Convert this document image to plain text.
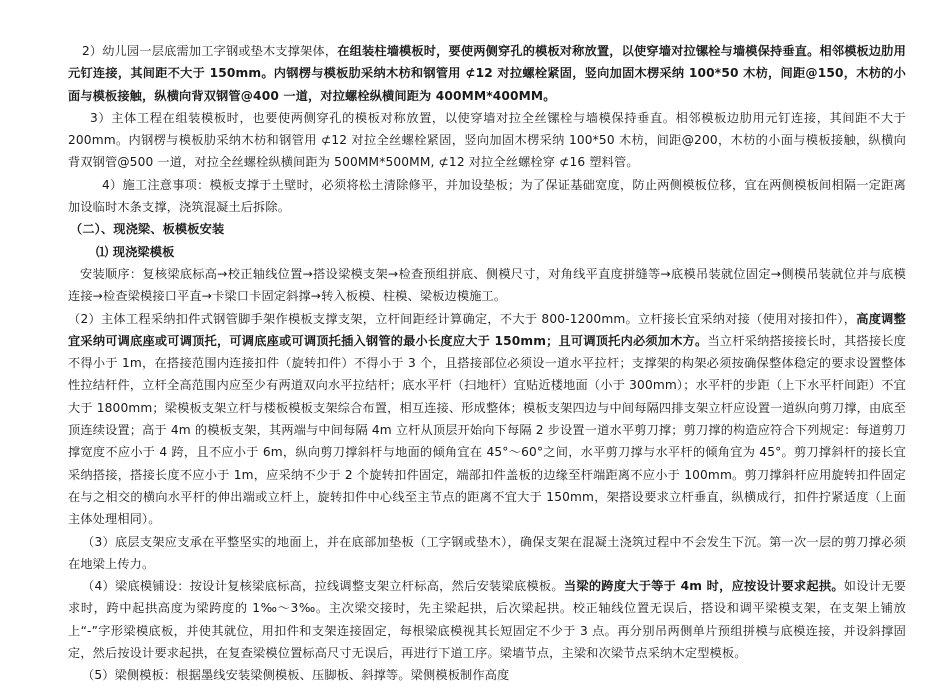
2）幼儿园一层底需加工字钢或垫木支撑架体，在组装柱墙模板时，要使两侧穿孔的模板对称放置，以使穿墙对拉镙栓与墙模保持垂直。相邻模板边肋用元钉连接，其间距不大于 150mm。内钢楞与模板肋采纳木枋和钢管用 ⊄12 对拉螺栓紧固，竖向加固木楞采纳 100*50 木枋，间距@150，木枋的小面与模板接触，纵横向背双钢管@400 一道，对拉螺栓纵横间距为 400MM*400MM。

3）主体工程在组装模板时，也要使两侧穿孔的模板对称放置，以使穿墙对拉全丝镙栓与墙模保持垂直。相邻模板边肋用元钉连接，其间距不大于 200mm。内钢楞与模板肋采纳木枋和钢管用 ⊄12 对拉全丝螺栓紧固，竖向加固木楞采纳 100*50 木枋，间距@200，木枋的小面与模板接触，纵横向背双钢管@500 一道，对拉全丝螺栓纵横间距为 500MM*500MM, ⊄12 对拉全丝螺栓穿 ⊄16 塑料管。

4）施工注意事项：模板支撑于土壁时，必须将松土清除修平，并加设垫板；为了保证基础宽度，防止两侧模板位移，宜在两侧模板间相隔一定距离加设临时木条支撑，浇筑混凝土后拆除。

（二）、现浇梁、板模板安装

⑴ 现浇梁模板

安装顺序：复核梁底标高→校正轴线位置→搭设梁模支架→检查预组拼底、侧模尺寸，对角线平直度拼缝等→底模吊装就位固定→侧模吊装就位并与底模连接→检查梁模接口平直→卡梁口卡固定斜撑→转入板模、柱模、梁板边模施工。

（2）主体工程采纳扣件式钢管脚手架作模板支撑支架，立杆间距经计算确定，不大于 800-1200mm。立杆接长宜采纳对接（使用对接扣件），高度调整宜采纳可调底座或可调顶托，可调底座或可调顶托插入钢管的最小长度应大于 150mm；且可调顶托内必须加木方。当立杆采纳搭接接长时，其搭接长度不得小于 1m，在搭接范围内连接扣件（旋转扣件）不得小于 3 个，且搭接部位必须设一道水平拉杆；支撑架的构架必须按确保整体稳定的要求设置整体性拉结杆件，立杆全高范围内应至少有两道双向水平拉结杆；底水平杆（扫地杆）宜贴近楼地面（小于 300mm）；水平杆的步距（上下水平杆间距）不宜大于 1800mm；梁模板支架立杆与楼板模板支架综合布置，相互连接、形成整体；模板支架四边与中间每隔四排支架立杆应设置一道纵向剪刀撑，由底至顶连续设置；高于 4m 的模板支架，其两端与中间每隔 4m 立杆从顶层开始向下每隔 2 步设置一道水平剪刀撑；剪刀撑的构造应符合下列规定：每道剪刀撑宽度不应小于 4 跨，且不应小于 6m，纵向剪刀撑斜杆与地面的倾角宜在 45°～60°之间，水平剪刀撑与水平杆的倾角宜为 45°。剪刀撑斜杆的接长宜采纳搭接，搭接长度不应小于 1m，应采纳不少于 2 个旋转扣件固定，端部扣件盖板的边缘至杆端距离不应小于 100mm。剪刀撑斜杆应用旋转扣件固定在与之相交的横向水平杆的伸出端或立杆上，旋转扣件中心线至主节点的距离不宜大于 150mm，架搭设要求立杆垂直，纵横成行，扣件拧紧适度（上面主体处理相同）。

（3）底层支架应支承在平整坚实的地面上，并在底部加垫板（工字钢或垫木），确保支架在混凝土浇筑过程中不会发生下沉。第一次一层的剪刀撑必须在地梁上传力。

（4）梁底模铺设：按设计复核梁底标高，拉线调整支架立杆标高，然后安装梁底模板。当梁的跨度大于等于 4m 时，应按设计要求起拱。如设计无要求时，跨中起拱高度为梁跨度的 1‰～3‰。主次梁交接时，先主梁起拱，后次梁起拱。校正轴线位置无误后，搭设和调平梁模支架，在支架上铺放上“-”字形梁模底板，并使其就位，用扣件和支架连接固定，每根梁底模视其长短固定不少于 3 点。再分别吊两侧单片预组拼模与底模连接，并设斜撑固定，然后按设计要求起拱，在复查梁模位置标高尺寸无误后，再进行下道工序。梁墙节点，主梁和次梁节点采纳木定型模板。

（5）梁侧模板：根据墨线安装梁侧模板、压脚板、斜撑等。梁侧模板制作高度
